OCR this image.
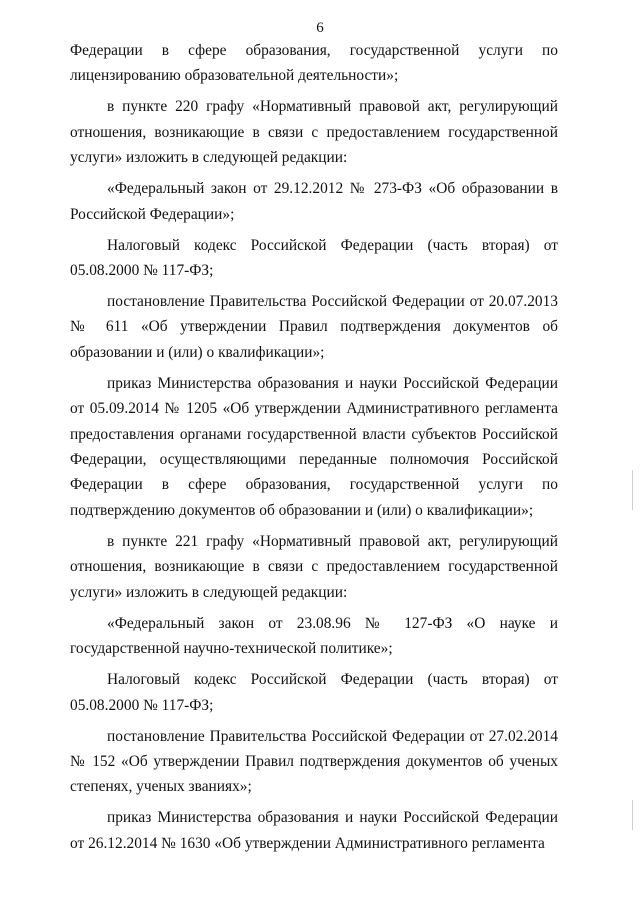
6

Федерации в сфере образования, государственной услуги по лицензированию образовательной деятельности»;

в пункте 220 графу «Нормативный правовой акт, регулирующий отношения, возникающие в связи с предоставлением государственной услуги» изложить в следующей редакции:

«Федеральный закон от 29.12.2012 № 273-ФЗ «Об образовании в Российской Федерации»;

Налоговый кодекс Российской Федерации (часть вторая) от 05.08.2000 № 117-ФЗ;

постановление Правительства Российской Федерации от 20.07.2013 № 611 «Об утверждении Правил подтверждения документов об образовании и (или) о квалификации»;

приказ Министерства образования и науки Российской Федерации от 05.09.2014 № 1205 «Об утверждении Административного регламента предоставления органами государственной власти субъектов Российской Федерации, осуществляющими переданные полномочия Российской Федерации в сфере образования, государственной услуги по подтверждению документов об образовании и (или) о квалификации»;

в пункте 221 графу «Нормативный правовой акт, регулирующий отношения, возникающие в связи с предоставлением государственной услуги» изложить в следующей редакции:

«Федеральный закон от 23.08.96 № 127-ФЗ «О науке и государственной научно-технической политике»;

Налоговый кодекс Российской Федерации (часть вторая) от 05.08.2000 № 117-ФЗ;

постановление Правительства Российской Федерации от 27.02.2014 № 152 «Об утверждении Правил подтверждения документов об ученых степенях, ученых званиях»;

приказ Министерства образования и науки Российской Федерации от 26.12.2014 № 1630 «Об утверждении Административного регламента
